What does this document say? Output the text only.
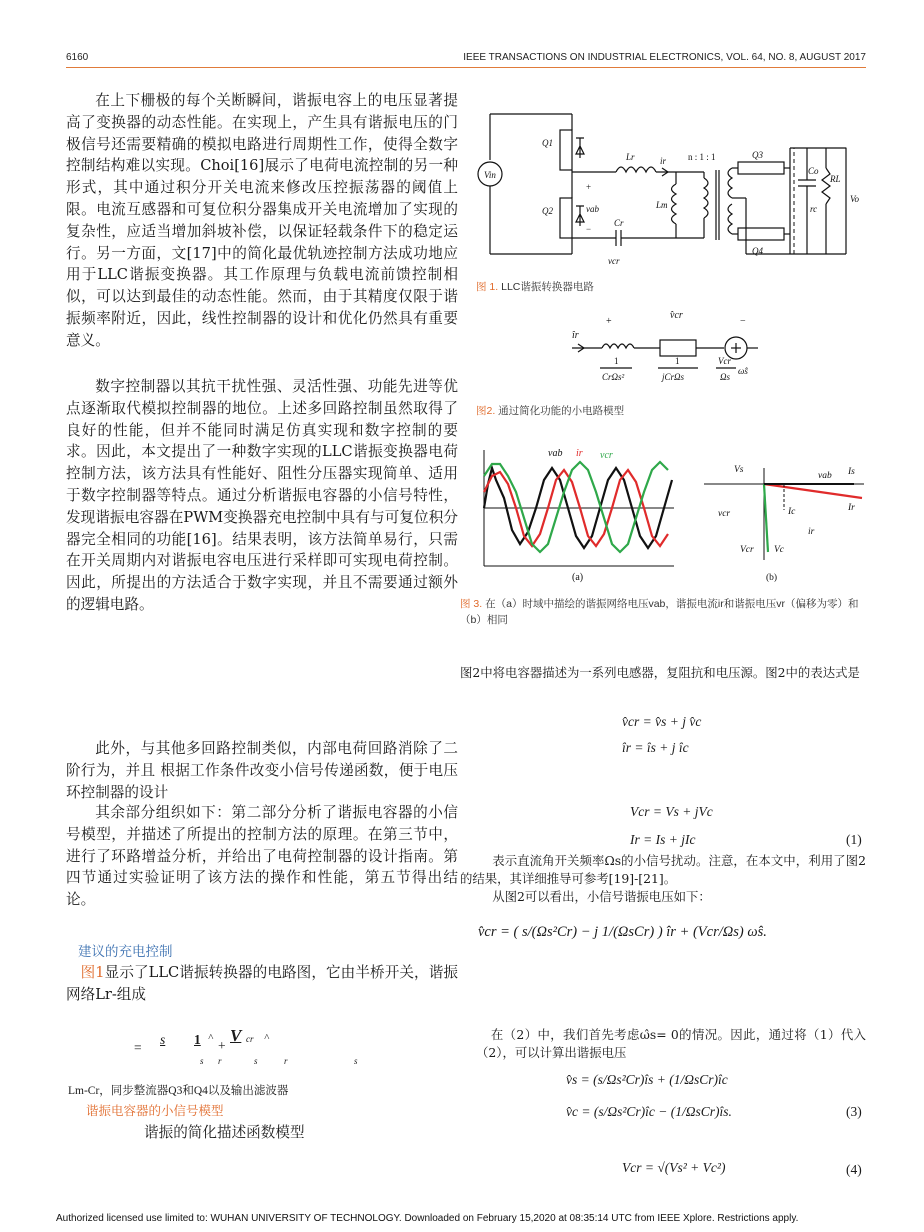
6160	IEEE TRANSACTIONS ON INDUSTRIAL ELECTRONICS, VOL. 64, NO. 8, AUGUST 2017
在上下栅极的每个关断瞬间，谐振电容上的电压显著提高了变换器的动态性能。在实现上，产生具有谐振电压的门极信号还需要精确的模拟电路进行周期性工作，使得全数字控制结构难以实现。Choi[16]展示了电荷电流控制的另一种形式，其中通过积分开关电流来修改压控振荡器的阈值上限。电流互感器和可复位积分器集成开关电流增加了实现的复杂性，应适当增加斜坡补偿，以保证轻载条件下的稳定运行。另一方面，文[17]中的简化最优轨迹控制方法成功地应用于LLC谐振变换器。其工作原理与负载电流前馈控制相似，可以达到最佳的动态性能。然而，由于其精度仅限于谐振频率附近，因此，线性控制器的设计和优化仍然具有重要意义。
数字控制器以其抗干扰性强、灵活性强、功能先进等优点逐渐取代模拟控制器的地位。上述多回路控制虽然取得了良好的性能，但并不能同时满足仿真实现和数字控制的要求。因此，本文提出了一种数字实现的LLC谐振变换器电荷控制方法，该方法具有性能好、阻性分压器实现简单、适用于数字控制器等特点。通过分析谐振电容器的小信号特性，发现谐振电容器在PWM变换器充电控制中具有与可复位积分器完全相同的功能[16]。结果表明，该方法简单易行，只需在开关周期内对谐振电容电压进行采样即可实现电荷控制。因此，所提出的方法适合于数字实现，并且不需要通过额外的逻辑电路。
此外，与其他多回路控制类似，内部电荷回路消除了二阶行为，并且 根据工作条件改变小信号传递函数，便于电压环控制器的设计
其余部分组织如下：第二部分分析了谐振电容器的小信号模型，并描述了所提出的控制方法的原理。在第三节中，进行了环路增益分析，并给出了电荷控制器的设计指南。第四节通过实验证明了该方法的操作和性能，第五节得出结论。
建议的充电控制
图1显示了LLC谐振转换器的电路图，它由半桥开关，谐振网络Lr-组成
=
s 1 ^ +
V cr ^
s r	s	r	s
Lm-Cr，同步整流器Q3和Q4以及输出滤波器
谐振电容器的小信号模型
谐振的简化描述函数模型
Vin
Q1
Q2
Lr	ir n : 1 : 1	Q3
Q4
Lm
Cr
vab
vcr
Co
RL
rc
Vo
+
−
图 1. LLC谐振转换器电路
îr
+
v̂cr
−
1
CrΩs²
1
jCrΩs
Vcr
Ωs
ω̂s
图2. 通过简化功能的小电路模型
vab ir vcr
(a)
Vs
vab Is
Ir
Ic
vcr
ir
Vcr Vc
(b)
图 3. 在（a）时域中描绘的谐振网络电压vab，谐振电流ir和谐振电压vr（偏移为零）和（b）相同
图2中将电容器描述为一系列电感器，复阻抗和电压源。图2中的表达式是
v̂cr = v̂s + j v̂c
îr = îs + j îc
Vcr = Vs + jVc
Ir = Is + jIc	(1)
表示直流角开关频率Ωs的小信号扰动。注意，在本文中，利用了图2的结果，其详细推导可参考[19]-[21]。
从图2可以看出，小信号谐振电压如下：
v̂cr = ( s/(Ωs²Cr) − j 1/(ΩsCr) ) îr + (Vcr/Ωs) ω̂s.
在（2）中，我们首先考虑ω̂s= 0的情况。因此，通过将（1）代入（2），可以计算出谐振电压
v̂s = (s/Ωs²Cr)îs + (1/ΩsCr)îc
v̂c = (s/Ωs²Cr)îc − (1/ΩsCr)îs.	(3)
Vcr = √(Vs² + Vc²)	(4)
Authorized licensed use limited to: WUHAN UNIVERSITY OF TECHNOLOGY. Downloaded on February 15,2020 at 08:35:14 UTC from IEEE Xplore. Restrictions apply.
